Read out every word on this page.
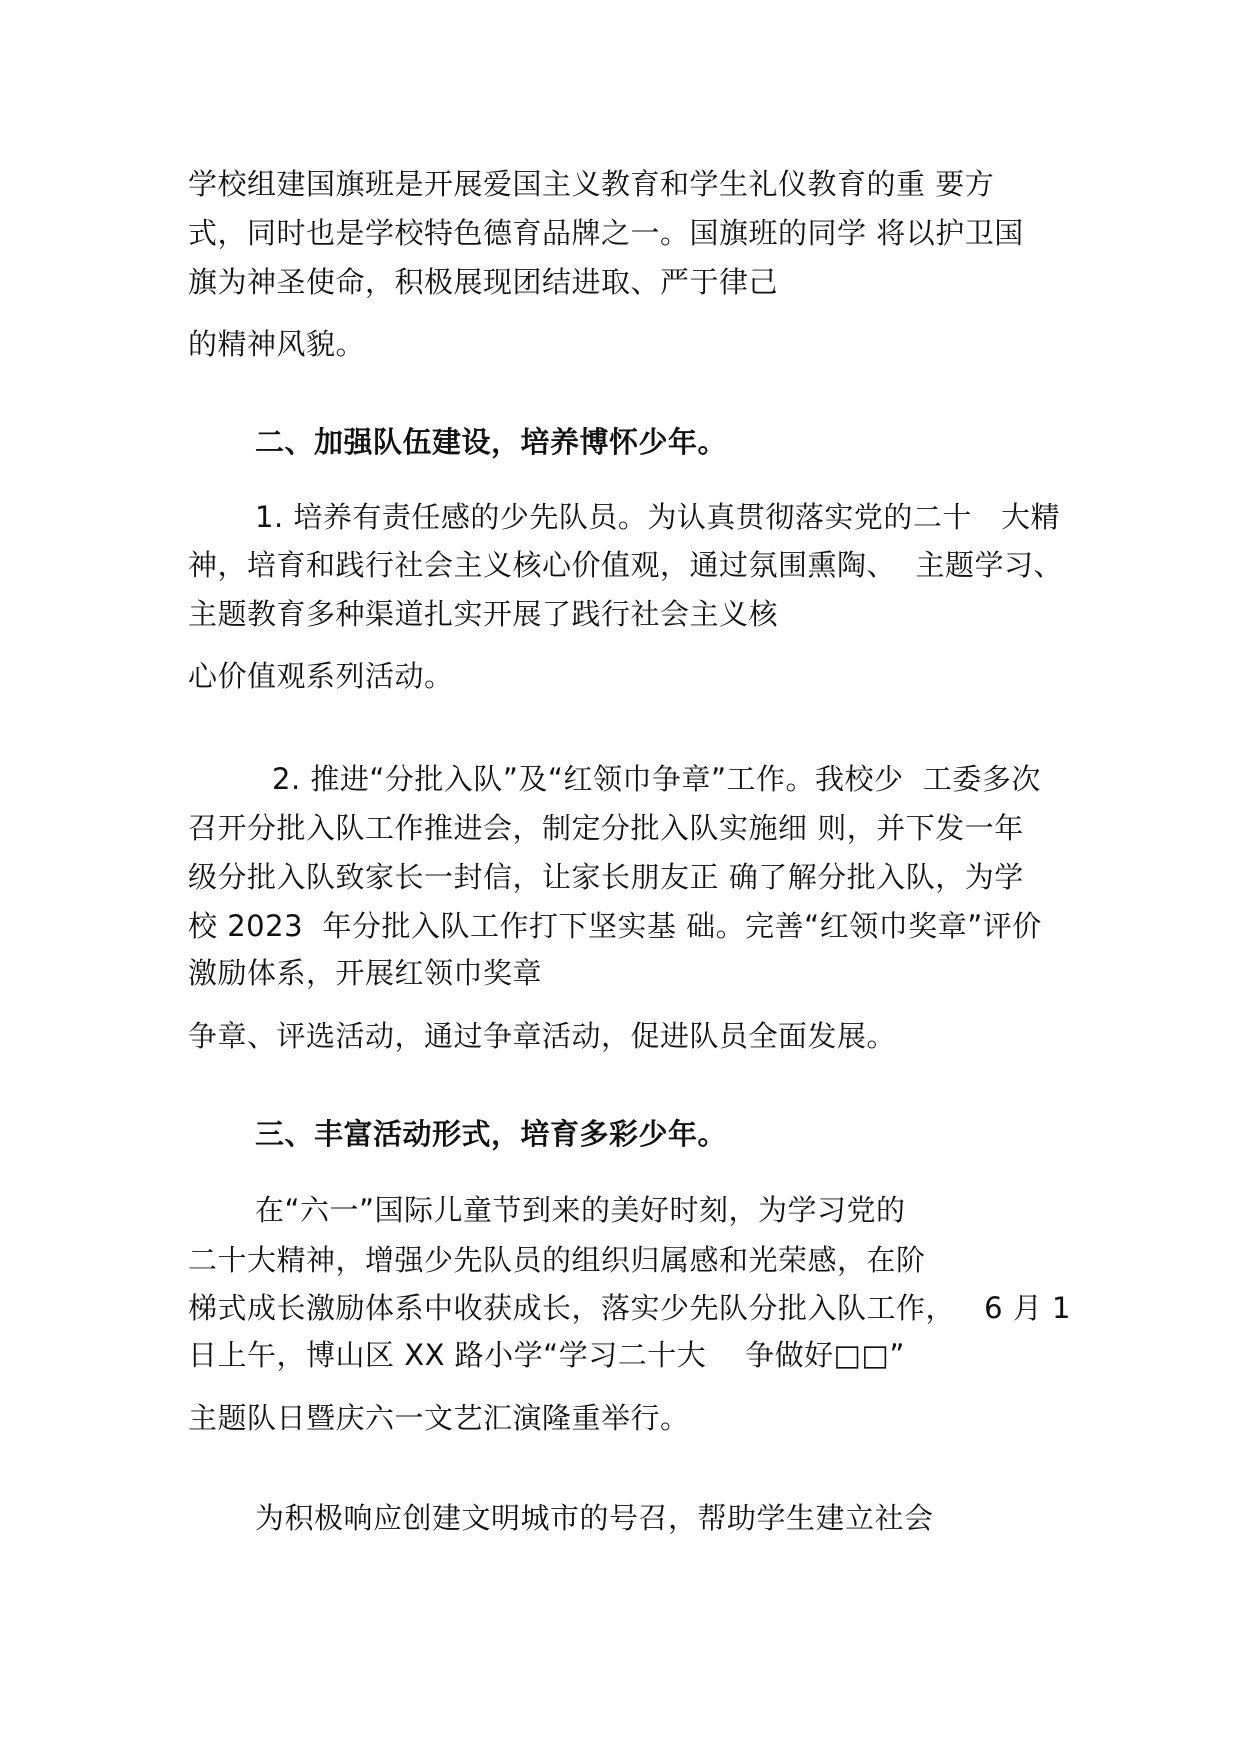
学校组建国旗班是开展爱国主义教育和学生礼仪教育的重 要方
式，同时也是学校特色德育品牌之一。国旗班的同学 将以护卫国
旗为神圣使命，积极展现团结进取、严于律己
的精神风貌。
二、加强队伍建设，培养博怀少年。
1. 培养有责任感的少先队员。为认真贯彻落实党的二十   大精
神，培育和践行社会主义核心价值观，通过氛围熏陶、  主题学习、
主题教育多种渠道扎实开展了践行社会主义核
心价值观系列活动。
2. 推进“分批入队”及“红领巾争章”工作。我校少  工委多次
召开分批入队工作推进会，制定分批入队实施细 则，并下发一年
级分批入队致家长一封信，让家长朋友正 确了解分批入队，为学
校 2023  年分批入队工作打下坚实基 础。完善“红领巾奖章”评价
激励体系，开展红领巾奖章
争章、评选活动，通过争章活动，促进队员全面发展。
三、丰富活动形式，培育多彩少年。
在“六一”国际儿童节到来的美好时刻，为学习党的
二十大精神，增强少先队员的组织归属感和光荣感，在阶
梯式成长激励体系中收获成长，落实少先队分批入队工作，   6 月 1
日上午，博山区 XX 路小学“学习二十大    争做好□□”
主题队日暨庆六一文艺汇演隆重举行。
为积极响应创建文明城市的号召，帮助学生建立社会
